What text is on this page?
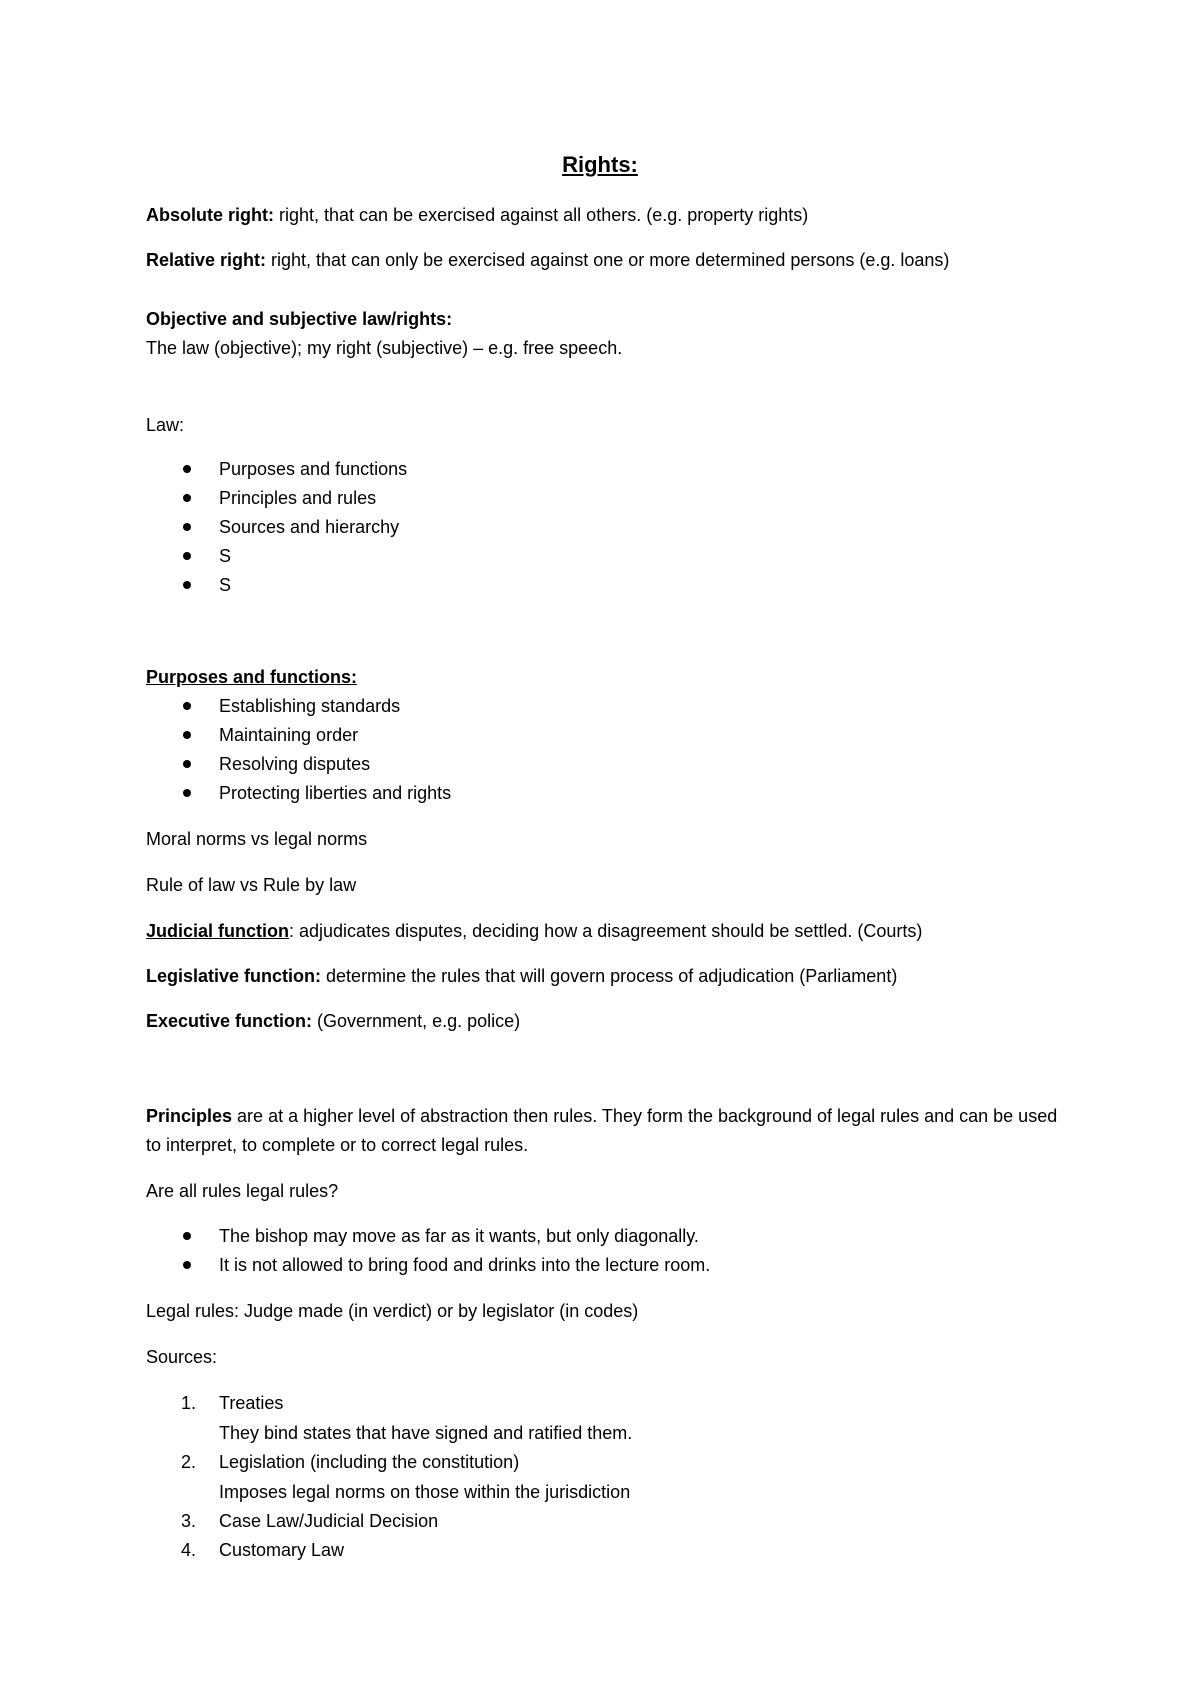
Rights:

Absolute right: right, that can be exercised against all others. (e.g. property rights)

Relative right: right, that can only be exercised against one or more determined persons (e.g. loans)

Objective and subjective law/rights:

The law (objective); my right (subjective) – e.g. free speech.

Law:

Purposes and functions

Principles and rules

Sources and hierarchy

S

S

Purposes and functions:

Establishing standards

Maintaining order

Resolving disputes

Protecting liberties and rights

Moral norms vs legal norms

Rule of law vs Rule by law

Judicial function: adjudicates disputes, deciding how a disagreement should be settled. (Courts)

Legislative function: determine the rules that will govern process of adjudication (Parliament)

Executive function: (Government, e.g. police)

Principles are at a higher level of abstraction then rules. They form the background of legal rules and can be used to interpret, to complete or to correct legal rules.

Are all rules legal rules?

The bishop may move as far as it wants, but only diagonally.

It is not allowed to bring food and drinks into the lecture room.

Legal rules: Judge made (in verdict) or by legislator (in codes)

Sources:

1. Treaties

They bind states that have signed and ratified them.

2. Legislation (including the constitution)

Imposes legal norms on those within the jurisdiction

3. Case Law/Judicial Decision

4. Customary Law
